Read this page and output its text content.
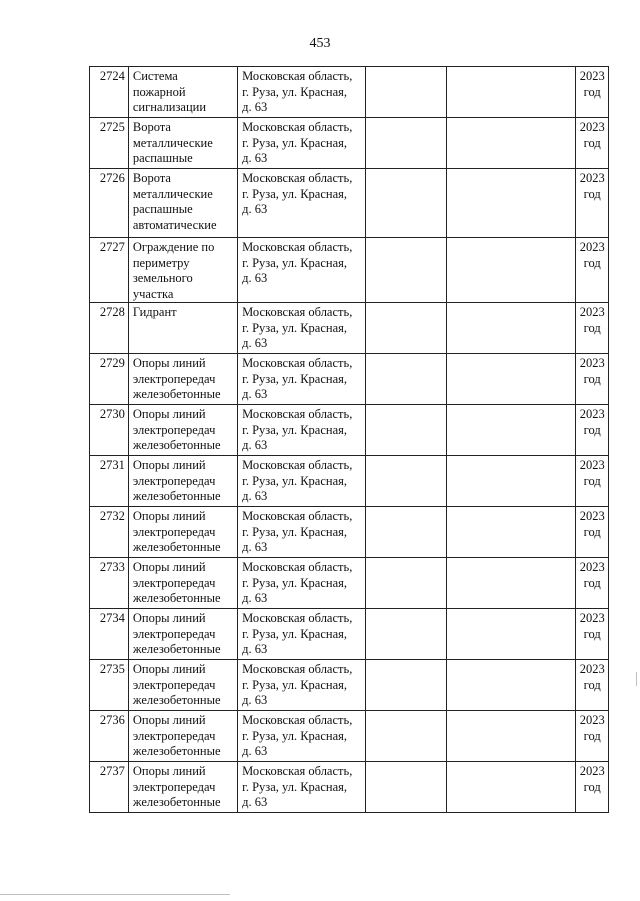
453
2724	Система
пожарной
сигнализации	Московская область,
г. Руза, ул. Красная,
д. 63			2023
год

2725	Ворота
металлические
распашные	Московская область,
г. Руза, ул. Красная,
д. 63			2023
год

2726	Ворота
металлические
распашные
автоматические	Московская область,
г. Руза, ул. Красная,
д. 63			2023
год

2727	Ограждение по
периметру
земельного
участка	Московская область,
г. Руза, ул. Красная,
д. 63			2023
год

2728	Гидрант	Московская область,
г. Руза, ул. Красная,
д. 63			2023
год

2729	Опоры линий
электропередач
железобетонные	Московская область,
г. Руза, ул. Красная,
д. 63			2023
год

2730	Опоры линий
электропередач
железобетонные	Московская область,
г. Руза, ул. Красная,
д. 63			2023
год

2731	Опоры линий
электропередач
железобетонные	Московская область,
г. Руза, ул. Красная,
д. 63			2023
год

2732	Опоры линий
электропередач
железобетонные	Московская область,
г. Руза, ул. Красная,
д. 63			2023
год

2733	Опоры линий
электропередач
железобетонные	Московская область,
г. Руза, ул. Красная,
д. 63			2023
год

2734	Опоры линий
электропередач
железобетонные	Московская область,
г. Руза, ул. Красная,
д. 63			2023
год

2735	Опоры линий
электропередач
железобетонные	Московская область,
г. Руза, ул. Красная,
д. 63			2023
год

2736	Опоры линий
электропередач
железобетонные	Московская область,
г. Руза, ул. Красная,
д. 63			2023
год

2737	Опоры линий
электропередач
железобетонные	Московская область,
г. Руза, ул. Красная,
д. 63			2023
год
